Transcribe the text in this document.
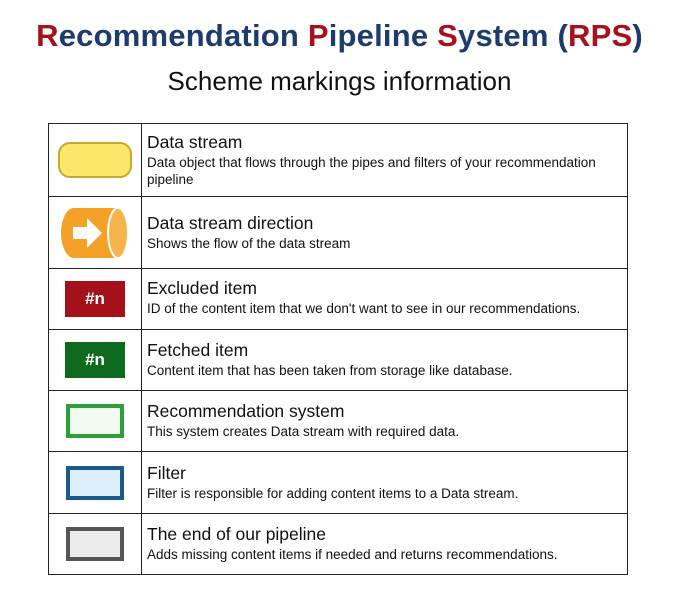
Recommendation Pipeline System (RPS)
Scheme markings information

	Data stream
Data object that flows through the pipes and filters of your recommendation pipeline

Data stream direction
Shows the flow of the data stream

#n	Excluded item
ID of the content item that we don't want to see in our recommendations.

#n	Fetched item
Content item that has been taken from storage like database.

	Recommendation system
This system creates Data stream with required data.

	Filter
Filter is responsible for adding content items to a Data stream.

	The end of our pipeline
Adds missing content items if needed and returns recommendations.
